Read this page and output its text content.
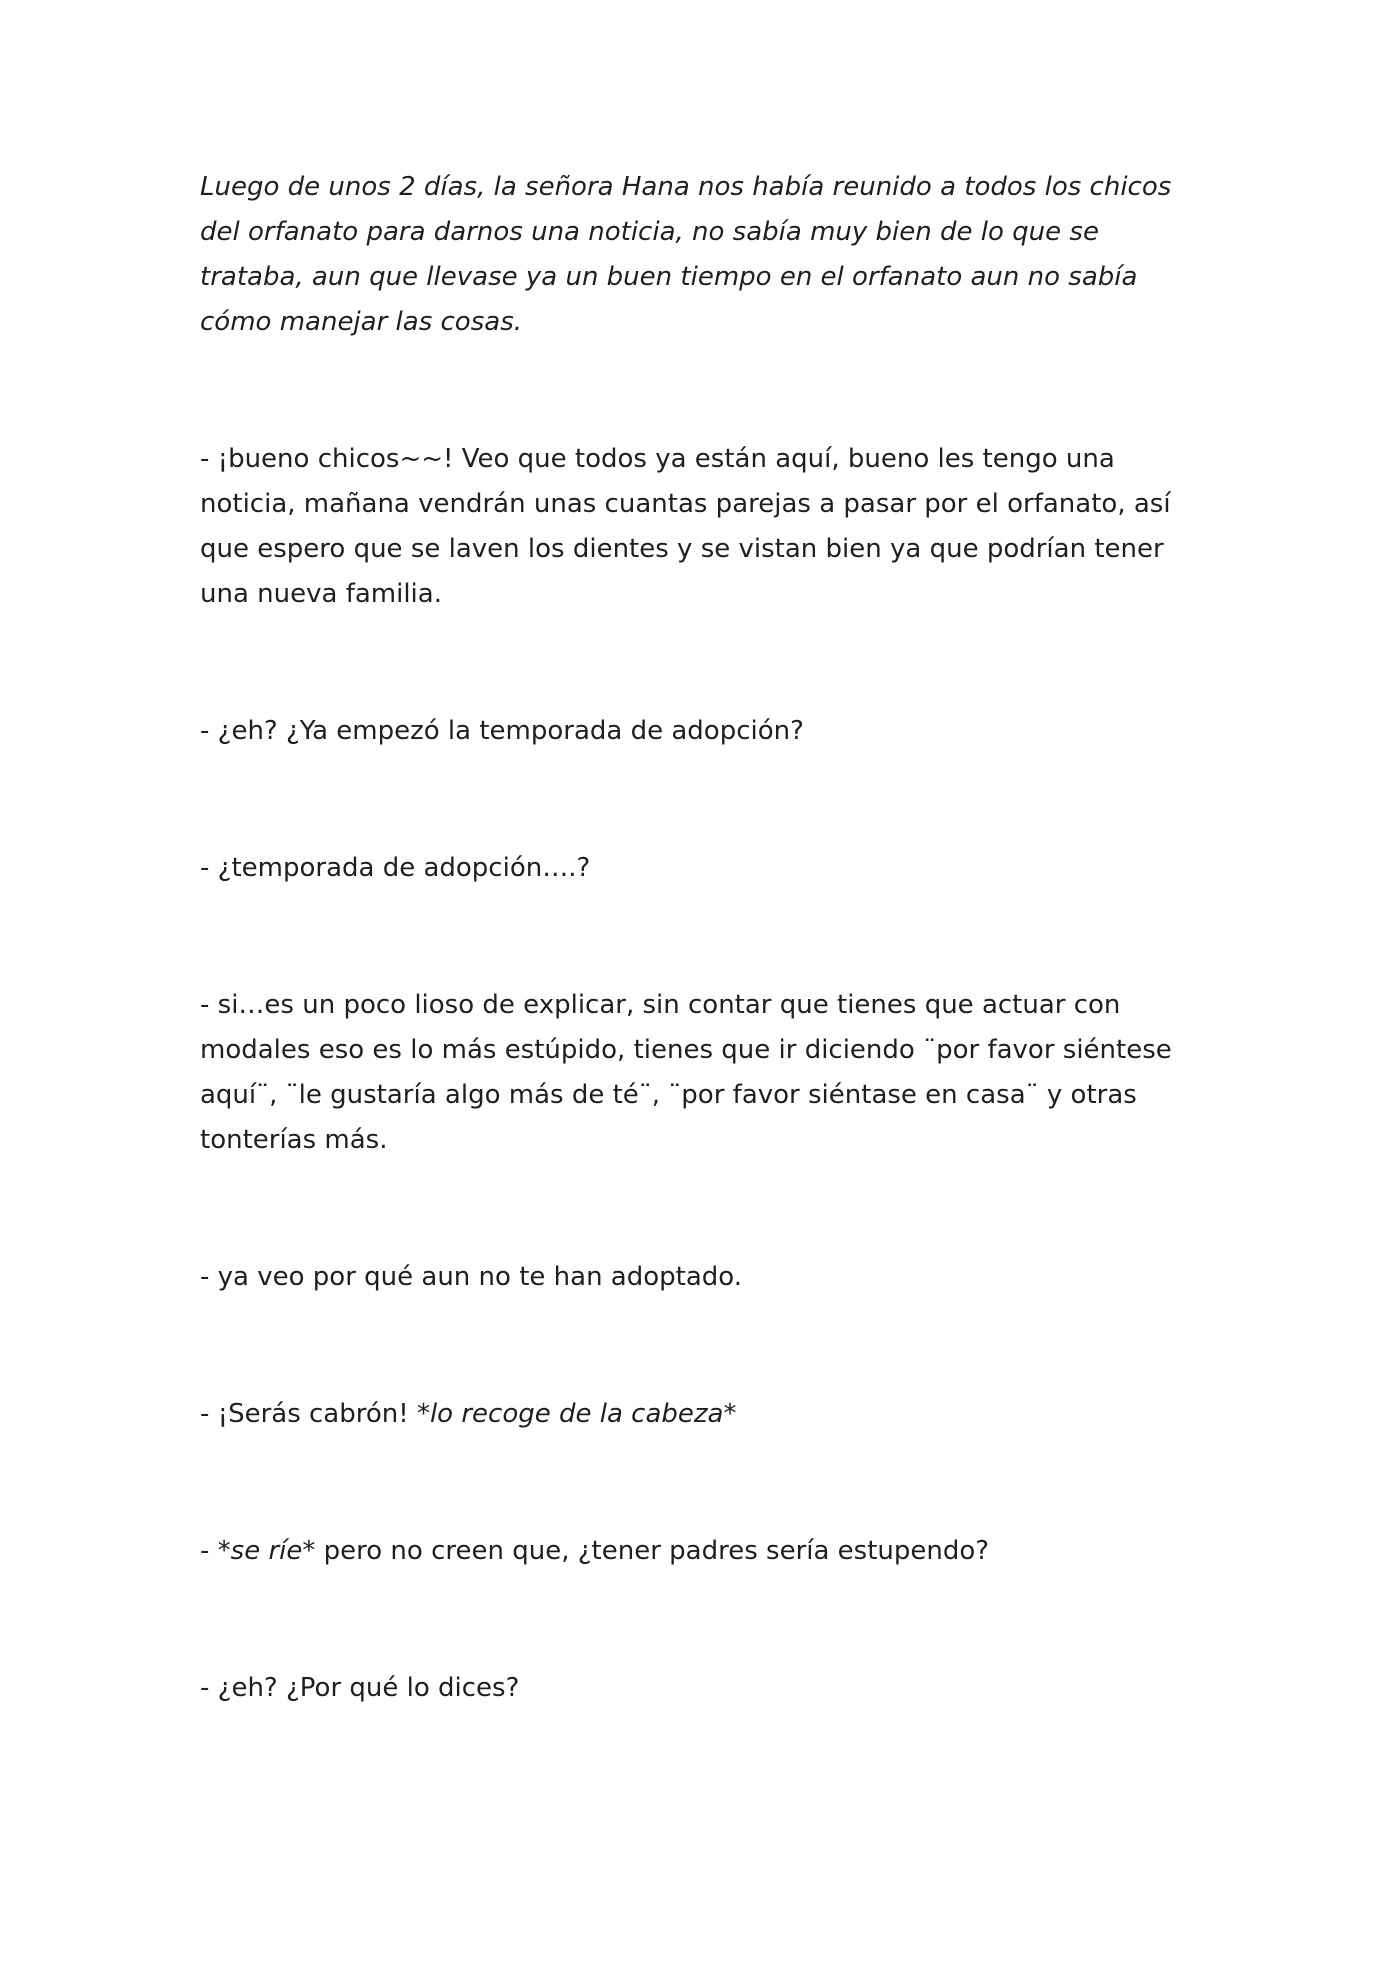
Luego de unos 2 días, la señora Hana nos había reunido a todos los chicos del orfanato para darnos una noticia, no sabía muy bien de lo que se trataba, aun que llevase ya un buen tiempo en el orfanato aun no sabía cómo manejar las cosas.

- ¡bueno chicos~~! Veo que todos ya están aquí, bueno les tengo una noticia, mañana vendrán unas cuantas parejas a pasar por el orfanato, así que espero que se laven los dientes y se vistan bien ya que podrían tener una nueva familia.

- ¿eh? ¿Ya empezó la temporada de adopción?

- ¿temporada de adopción….?

- si…es un poco lioso de explicar, sin contar que tienes que actuar con modales eso es lo más estúpido, tienes que ir diciendo ¨por favor siéntese aquí¨, ¨le gustaría algo más de té¨, ¨por favor siéntase en casa¨ y otras tonterías más.

- ya veo por qué aun no te han adoptado.

- ¡Serás cabrón! *lo recoge de la cabeza*

- *se ríe* pero no creen que, ¿tener padres sería estupendo?

- ¿eh? ¿Por qué lo dices?
